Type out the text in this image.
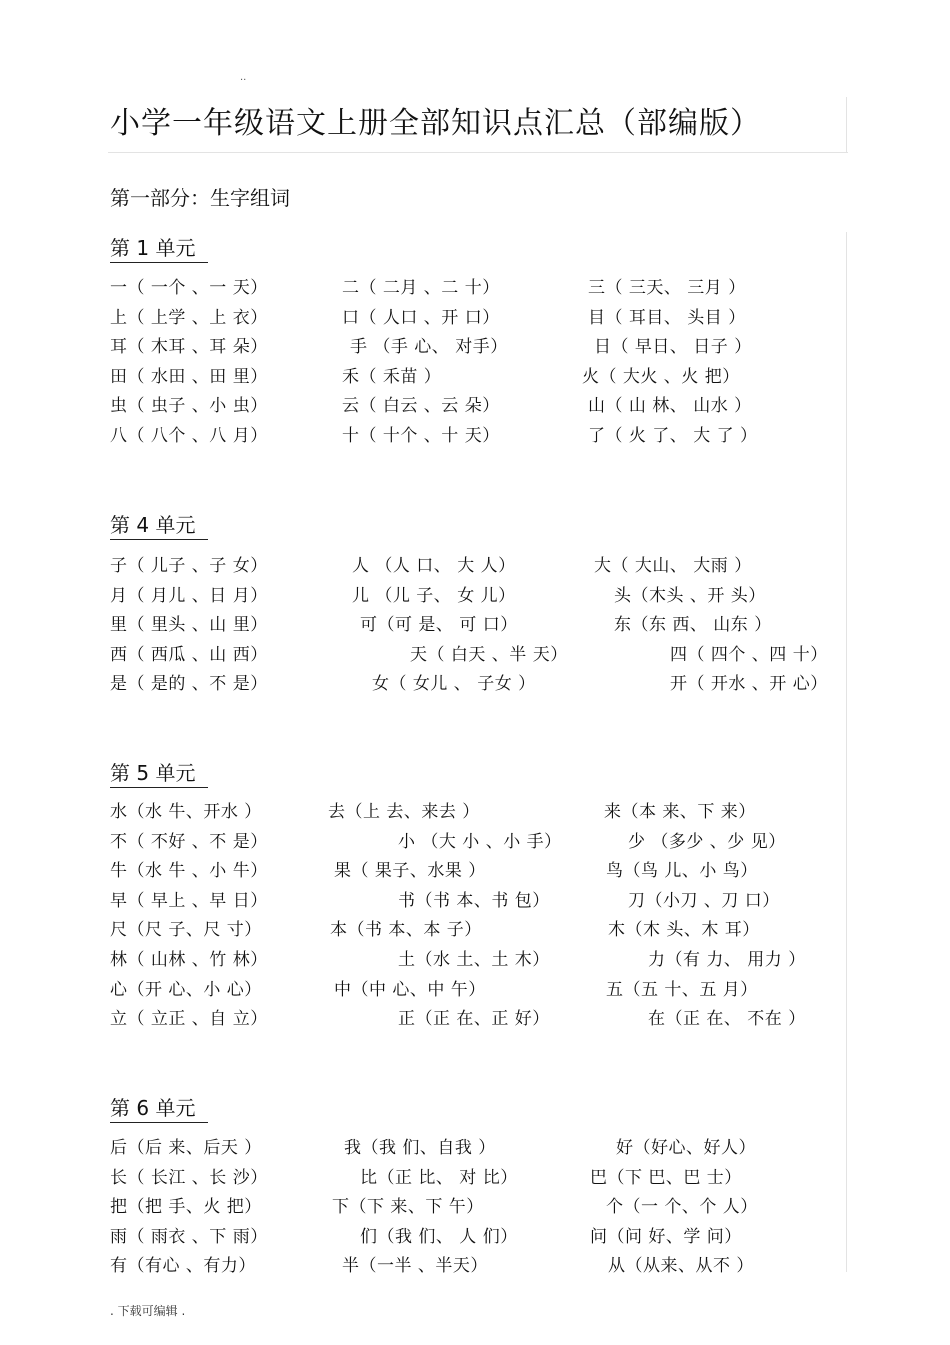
..
小学一年级语文上册全部知识点汇总（部编版）
第一部分：生字组词
第 1 单元
一（ 一个 、一 天）	二（ 二月 、二 十）	三（ 三天、 三月 ）
上（ 上学 、上 衣）	口（ 人口 、开 口）	目（ 耳目、 头目 ）
耳（ 木耳 、耳 朵）	手 （手 心、 对手）	日（ 早日、 日子 ）
田（ 水田 、田 里）	禾（ 禾苗 ）	火（ 大火 、火 把）
虫（ 虫子 、小 虫）	云（ 白云 、云 朵）	山（ 山 林、 山水 ）
八（ 八个 、八 月）	十（ 十个 、十 天）	了（ 火 了、 大 了 ）
第 4 单元
子（ 儿子 、子 女）	人 （人 口、 大 人）	大（ 大山、 大雨 ）
月（ 月儿 、日 月）	儿 （儿 子、 女 儿）	头（木头 、开 头）
里（ 里头 、山 里）	可（可 是、 可 口）	东（东 西、 山东 ）
西（ 西瓜 、山 西）	天（ 白天 、半 天）	四（ 四个 、四 十）
是（ 是的 、不 是）	女（ 女儿 、 子女 ）	开（ 开水 、开 心）
第 5 单元
水（水 牛、开水 ）	去（上 去、来去 ）	来（本 来、下 来）
不（ 不好 、不 是）	小 （大 小 、小 手）	少 （多少 、少 见）
牛（水 牛 、小 牛）	果（ 果子、水果 ）	鸟（鸟 儿、小 鸟）
早（ 早上 、早 日）	书（书 本、书 包）	刀（小刀 、刀 口）
尺（尺 子、尺 寸）	本（书 本、本 子）	木（木 头、木 耳）
林（ 山林 、竹 林）	土（水 土、土 木）	力（有 力、 用力 ）
心（开 心、小 心）	中（中 心、中 午）	五（五 十、五 月）
立（ 立正 、自 立）	正（正 在、正 好）	在（正 在、 不在 ）
第 6 单元
后（后 来、后天 ）	我（我 们、自我 ）	好（好心、好人）
长（ 长江 、长 沙）	比（正 比、 对 比）	巴（下 巴、巴 士）
把（把 手、火 把）	下（下 来、下 午）	个（一 个、个 人）
雨（ 雨衣 、下 雨）	们（我 们、 人 们）	问（问 好、学 问）
有（有心 、有力）	半（一半 、半天）	从（从来、从不 ）
. 下载可编辑 .
